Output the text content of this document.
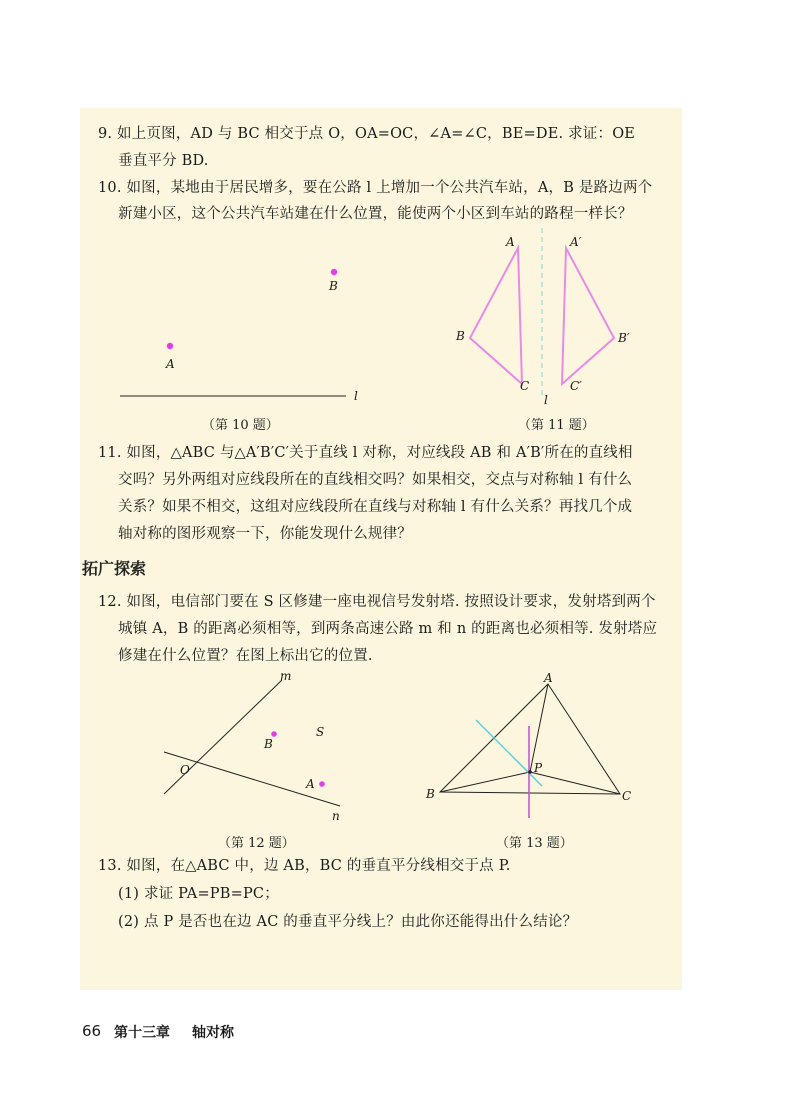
9. 如上页图，AD 与 BC 相交于点 O，OA=OC，∠A=∠C，BE=DE. 求证：OE
垂直平分 BD.
10. 如图，某地由于居民增多，要在公路 l 上增加一个公共汽车站，A，B 是路边两个
新建小区，这个公共汽车站建在什么位置，能使两个小区到车站的路程一样长？
B
A
l
（第 10 题）
A
B
C
A′
B′
C′
l
（第 11 题）
11. 如图，△ABC 与△A′B′C′关于直线 l 对称，对应线段 AB 和 A′B′所在的直线相
交吗？另外两组对应线段所在的直线相交吗？如果相交，交点与对称轴 l 有什么
关系？如果不相交，这组对应线段所在直线与对称轴 l 有什么关系？再找几个成
轴对称的图形观察一下，你能发现什么规律？
拓广探索
12. 如图，电信部门要在 S 区修建一座电视信号发射塔. 按照设计要求，发射塔到两个
城镇 A，B 的距离必须相等，到两条高速公路 m 和 n 的距离也必须相等. 发射塔应
修建在什么位置？在图上标出它的位置.
m
n
O
B
S
A
（第 12 题）
A
B	C
P
（第 13 题）
13. 如图，在△ABC 中，边 AB，BC 的垂直平分线相交于点 P.
(1) 求证 PA=PB=PC；
(2) 点 P 是否也在边 AC 的垂直平分线上？由此你还能得出什么结论？
66 第十三章 轴对称
